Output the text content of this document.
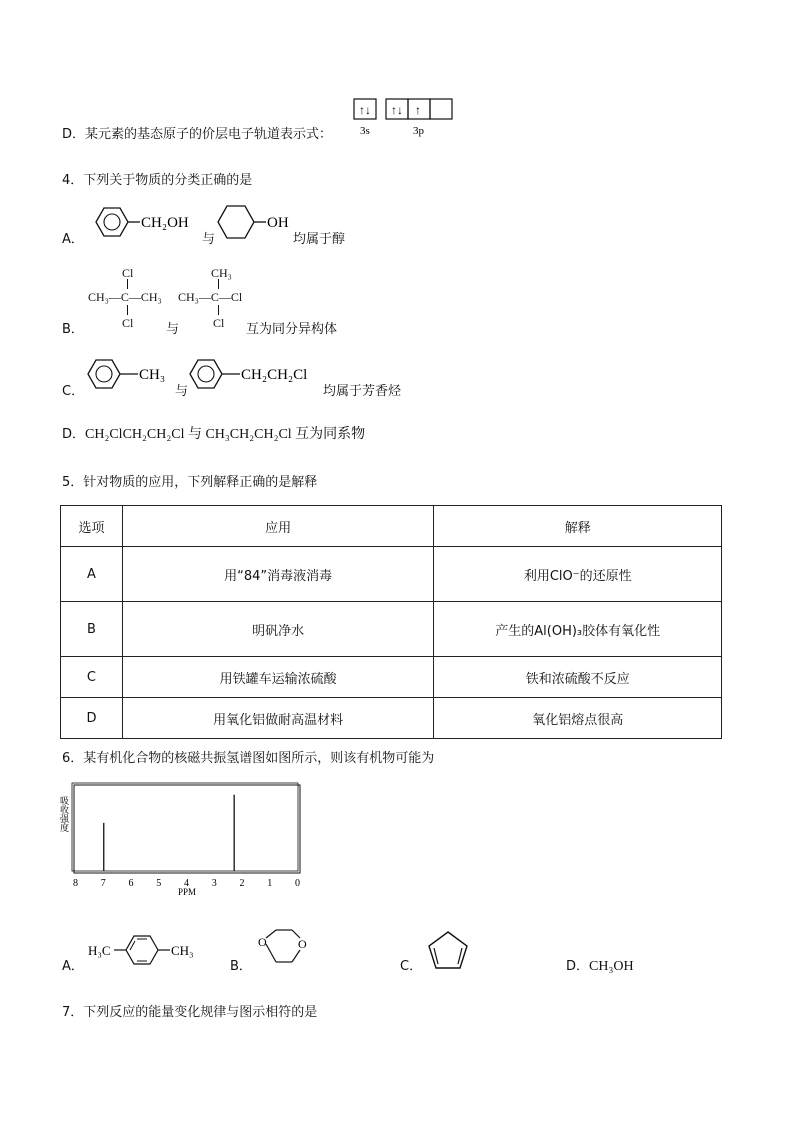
D．某元素的基态原子的价层电子轨道表示式：
↑↓ ↑↓ ↑
3s	3p
4．下列关于物质的分类正确的是
A．
CH₂OH
与
OH
均属于醇
B．
Cl
CH₃—C—CH₃
Cl	与
CH₃
CH₃—C—Cl
Cl 互为同分异构体
C．
CH₃
与
CH₂CH₂Cl
均属于芳香烃
D．CH₂ClCH₂CH₂Cl 与 CH₃CH₂CH₂Cl 互为同系物
5．针对物质的应用，下列解释正确的是解释
选项	应用	解释
A	用“84”消毒液消毒	利用ClO⁻的还原性
B	明矾净水	产生的Al(OH)₃胶体有氧化性
C	用铁罐车运输浓硫酸	铁和浓硫酸不反应
D	用氧化铝做耐高温材料	氧化铝熔点很高
6．某有机化合物的核磁共振氢谱图如图所示，则该有机物可能为
吸收强度
8 7 6 5 4 3 2 1 0
PPM
A．
H₃C	CH₃
B．
O	O
C．	D．CH₃OH
7．下列反应的能量变化规律与图示相符的是
